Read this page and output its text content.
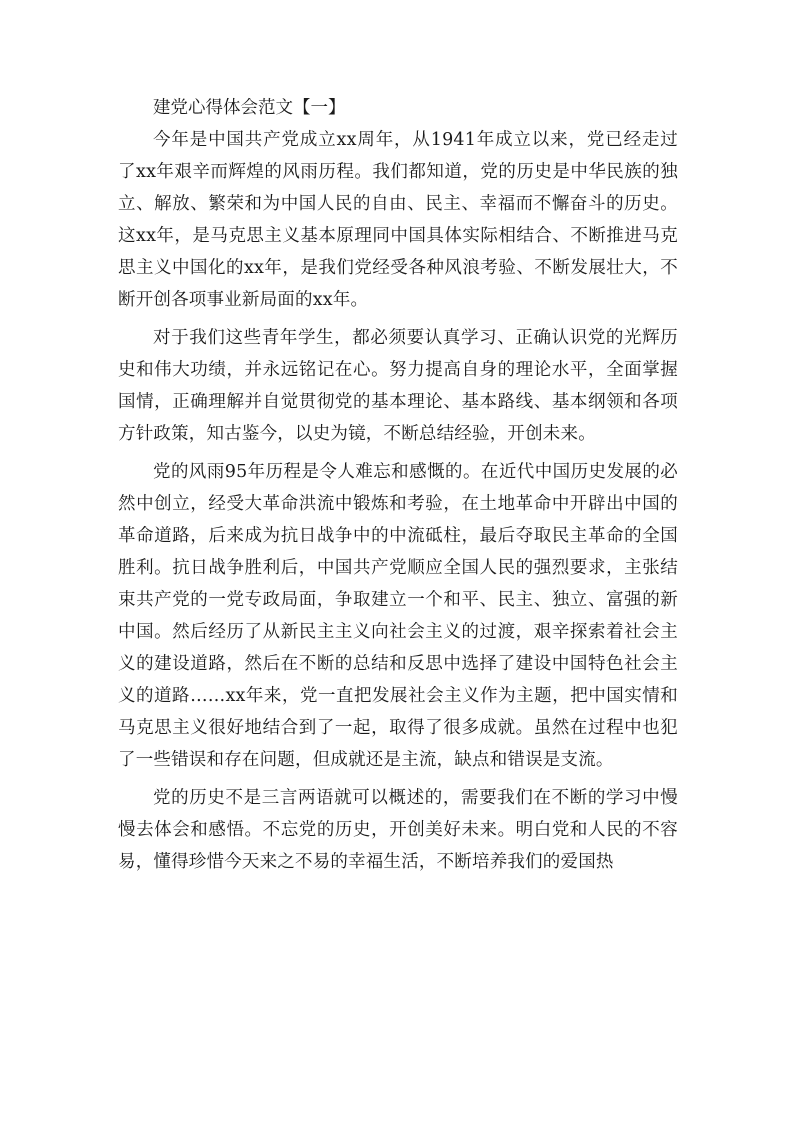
建党心得体会范文【一】

今年是中国共产党成立xx周年，从1941年成立以来，党已经走过了xx年艰辛而辉煌的风雨历程。我们都知道，党的历史是中华民族的独立、解放、繁荣和为中国人民的自由、民主、幸福而不懈奋斗的历史。这xx年，是马克思主义基本原理同中国具体实际相结合、不断推进马克思主义中国化的xx年，是我们党经受各种风浪考验、不断发展壮大，不断开创各项事业新局面的xx年。

对于我们这些青年学生，都必须要认真学习、正确认识党的光辉历史和伟大功绩，并永远铭记在心。努力提高自身的理论水平，全面掌握国情，正确理解并自觉贯彻党的基本理论、基本路线、基本纲领和各项方针政策，知古鉴今，以史为镜，不断总结经验，开创未来。

党的风雨95年历程是令人难忘和感慨的。在近代中国历史发展的必然中创立，经受大革命洪流中锻炼和考验，在土地革命中开辟出中国的革命道路，后来成为抗日战争中的中流砥柱，最后夺取民主革命的全国胜利。抗日战争胜利后，中国共产党顺应全国人民的强烈要求，主张结束共产党的一党专政局面，争取建立一个和平、民主、独立、富强的新中国。然后经历了从新民主主义向社会主义的过渡，艰辛探索着社会主义的建设道路，然后在不断的总结和反思中选择了建设中国特色社会主义的道路……xx年来，党一直把发展社会主义作为主题，把中国实情和马克思主义很好地结合到了一起，取得了很多成就。虽然在过程中也犯了一些错误和存在问题，但成就还是主流，缺点和错误是支流。

党的历史不是三言两语就可以概述的，需要我们在不断的学习中慢慢去体会和感悟。不忘党的历史，开创美好未来。明白党和人民的不容易，懂得珍惜今天来之不易的幸福生活，不断培养我们的爱国热
